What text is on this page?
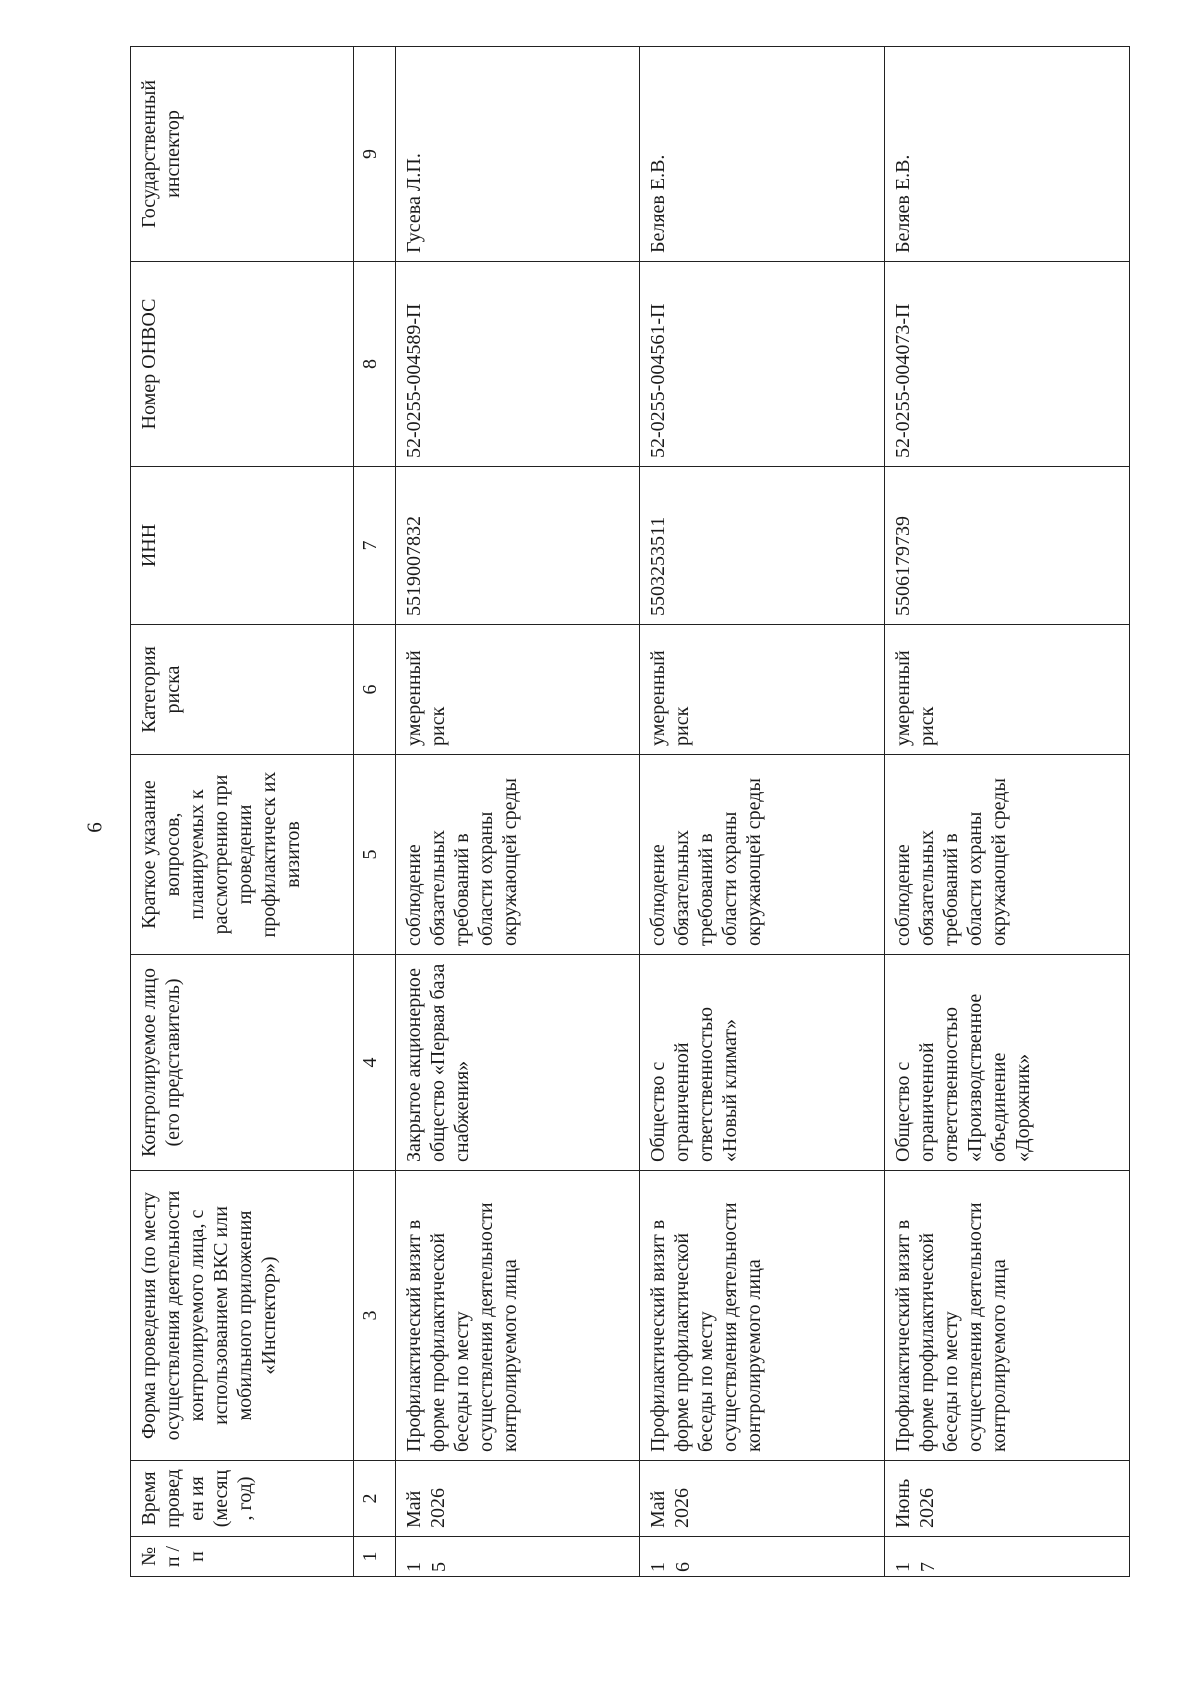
6
№ п / п	Время проведен ия (месяц, год)	Форма проведения (по месту осуществления деятельности контролируемого лица, с использованием ВКС или мобильного приложения «Инспектор»)	Контролируемое лицо (его представитель)	Краткое указание вопросов, планируемых к рассмотрению при проведении профилактическ их визитов	Категория риска	ИНН	Номер ОНВОС	Государственный инспектор
1	2	3	4	5	6	7	8	9

1 5	Май 2026	Профилактический визит в форме профилактической беседы по месту осуществления деятельности контролируемого лица	Закрытое акционерное общество «Первая база снабжения»	соблюдение обязательных требований в области охраны окружающей среды	умеренный риск	5519007832	52-0255-004589-П	Гусева Л.П.

1 6	Май 2026	Профилактический визит в форме профилактической беседы по месту осуществления деятельности контролируемого лица	Общество с ограниченной ответственностью «Новый климат»	соблюдение обязательных требований в области охраны окружающей среды	умеренный риск	5503253511	52-0255-004561-П	Беляев Е.В.

1 7	Июнь 2026	Профилактический визит в форме профилактической беседы по месту осуществления деятельности контролируемого лица	Общество с ограниченной ответственностью «Производственное объединение «Дорожник»	соблюдение обязательных требований в области охраны окружающей среды	умеренный риск	5506179739	52-0255-004073-П	Беляев Е.В.
